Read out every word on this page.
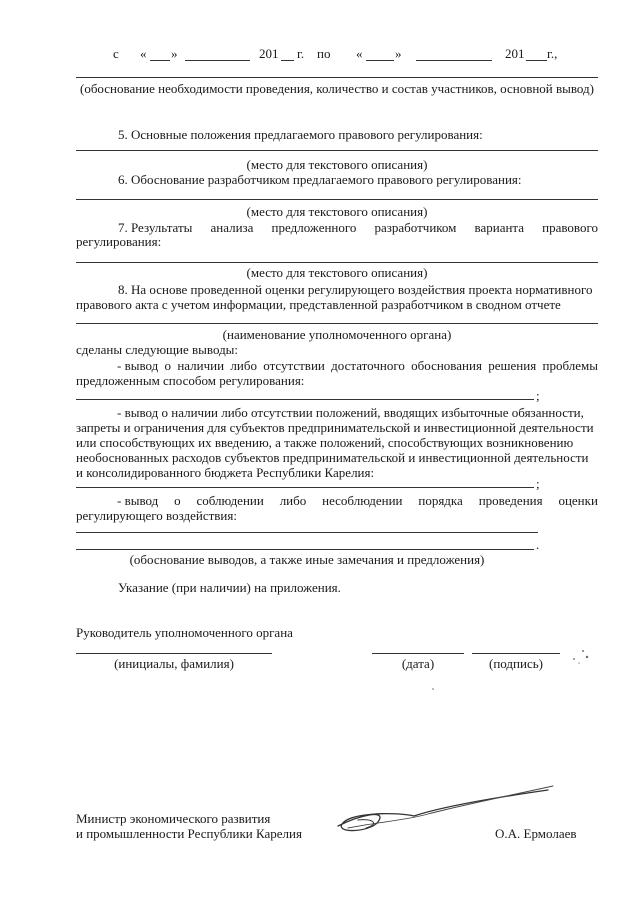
с « »	201 г. по «	»	201 г.,
(обоснование необходимости проведения, количество и состав участников, основной вывод)
5. Основные положения предлагаемого правового регулирования:
(место для текстового описания)
6. Обоснование разработчиком предлагаемого правового регулирования:
(место для текстового описания)
7. Результаты анализа предложенного разработчиком варианта правового
регулирования:
(место для текстового описания)
8. На основе проведенной оценки регулирующего воздействия проекта нормативного
правового акта с учетом информации, представленной разработчиком в сводном отчете
(наименование уполномоченного органа)
сделаны следующие выводы:
- вывод о наличии либо отсутствии достаточного обоснования решения проблемы
предложенным способом регулирования:
;
- вывод о наличии либо отсутствии положений, вводящих избыточные обязанности,
запреты и ограничения для субъектов предпринимательской и инвестиционной деятельности
или способствующих их введению, а также положений, способствующих возникновению
необоснованных расходов субъектов предпринимательской и инвестиционной деятельности
и консолидированного бюджета Республики Карелия:
;
- вывод о соблюдении либо несоблюдении порядка проведения оценки
регулирующего воздействия:
.
(обоснование выводов, а также иные замечания и предложения)
Указание (при наличии) на приложения.
Руководитель уполномоченного органа
(инициалы, фамилия)	(дата)	(подпись)
Министр экономического развития
и промышленности Республики Карелия	О.А. Ермолаев
